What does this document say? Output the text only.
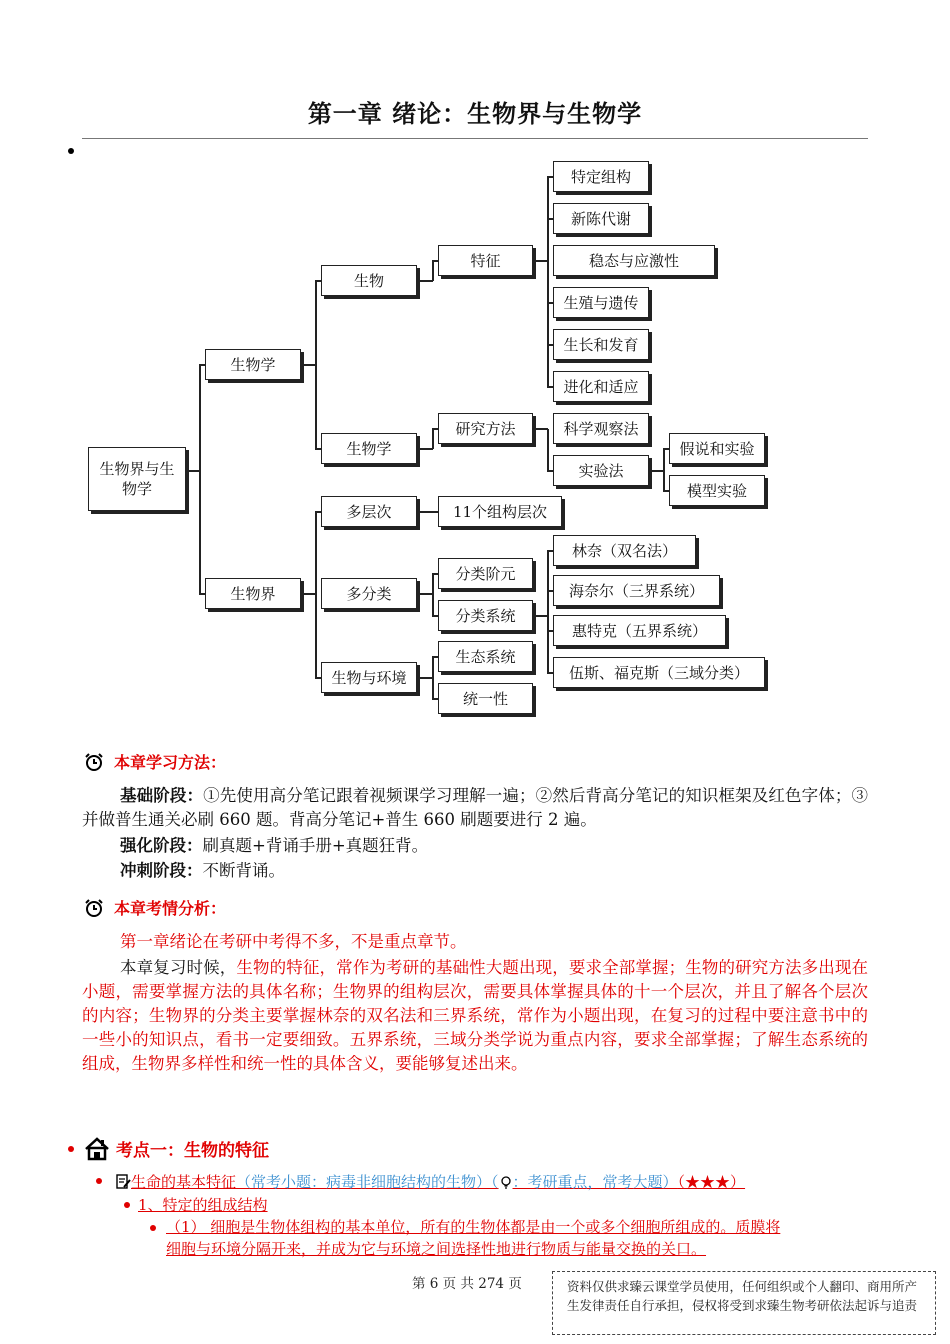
第一章 绪论：生物界与生物学
生物界与生物学
生物学
生物界
生物
生物学
特征
特定组构
新陈代谢
稳态与应激性
生殖与遗传
生长和发育
进化和适应
研究方法	科学观察法
实验法
假说和实验
模型实验
多层次	11个组构层次
多分类
分类阶元
分类系统
林奈（双名法）
海奈尔（三界系统）
惠特克（五界系统）
伍斯、福克斯（三域分类）
生物与环境
生态系统
统一性
本章学习方法：
基础阶段：①先使用高分笔记跟着视频课学习理解一遍；②然后背高分笔记的知识框架及红色字体；③并做普生通关必刷 660 题。背高分笔记+普生 660 刷题要进行 2 遍。
强化阶段：刷真题+背诵手册+真题狂背。
冲刺阶段：不断背诵。
本章考情分析：
第一章绪论在考研中考得不多，不是重点章节。
本章复习时候，生物的特征，常作为考研的基础性大题出现，要求全部掌握；生物的研究方法多出现在小题，需要掌握方法的具体名称；生物界的组构层次，需要具体掌握具体的十一个层次，并且了解各个层次的内容；生物界的分类主要掌握林奈的双名法和三界系统，常作为小题出现，在复习的过程中要注意书中的一些小的知识点，看书一定要细致。五界系统，三域分类学说为重点内容，要求全部掌握；了解生态系统的组成，生物界多样性和统一性的具体含义，要能够复述出来。
考点一：生物的特征
生命的基本特征（常考小题：病毒非细胞结构的生物）（ ：考研重点，常考大题）（★★★）
1、特定的组成结构
（1） 细胞是生物体组构的基本单位，所有的生物体都是由一个或多个细胞所组成的。质膜将
细胞与环境分隔开来，并成为它与环境之间选择性地进行物质与能量交换的关口。
第 6 页 共 274 页	资料仅供求臻云课堂学员使用，任何组织或个人翻印、商用所产生发律责任自行承担，侵权将受到求臻生物考研依法起诉与追责
